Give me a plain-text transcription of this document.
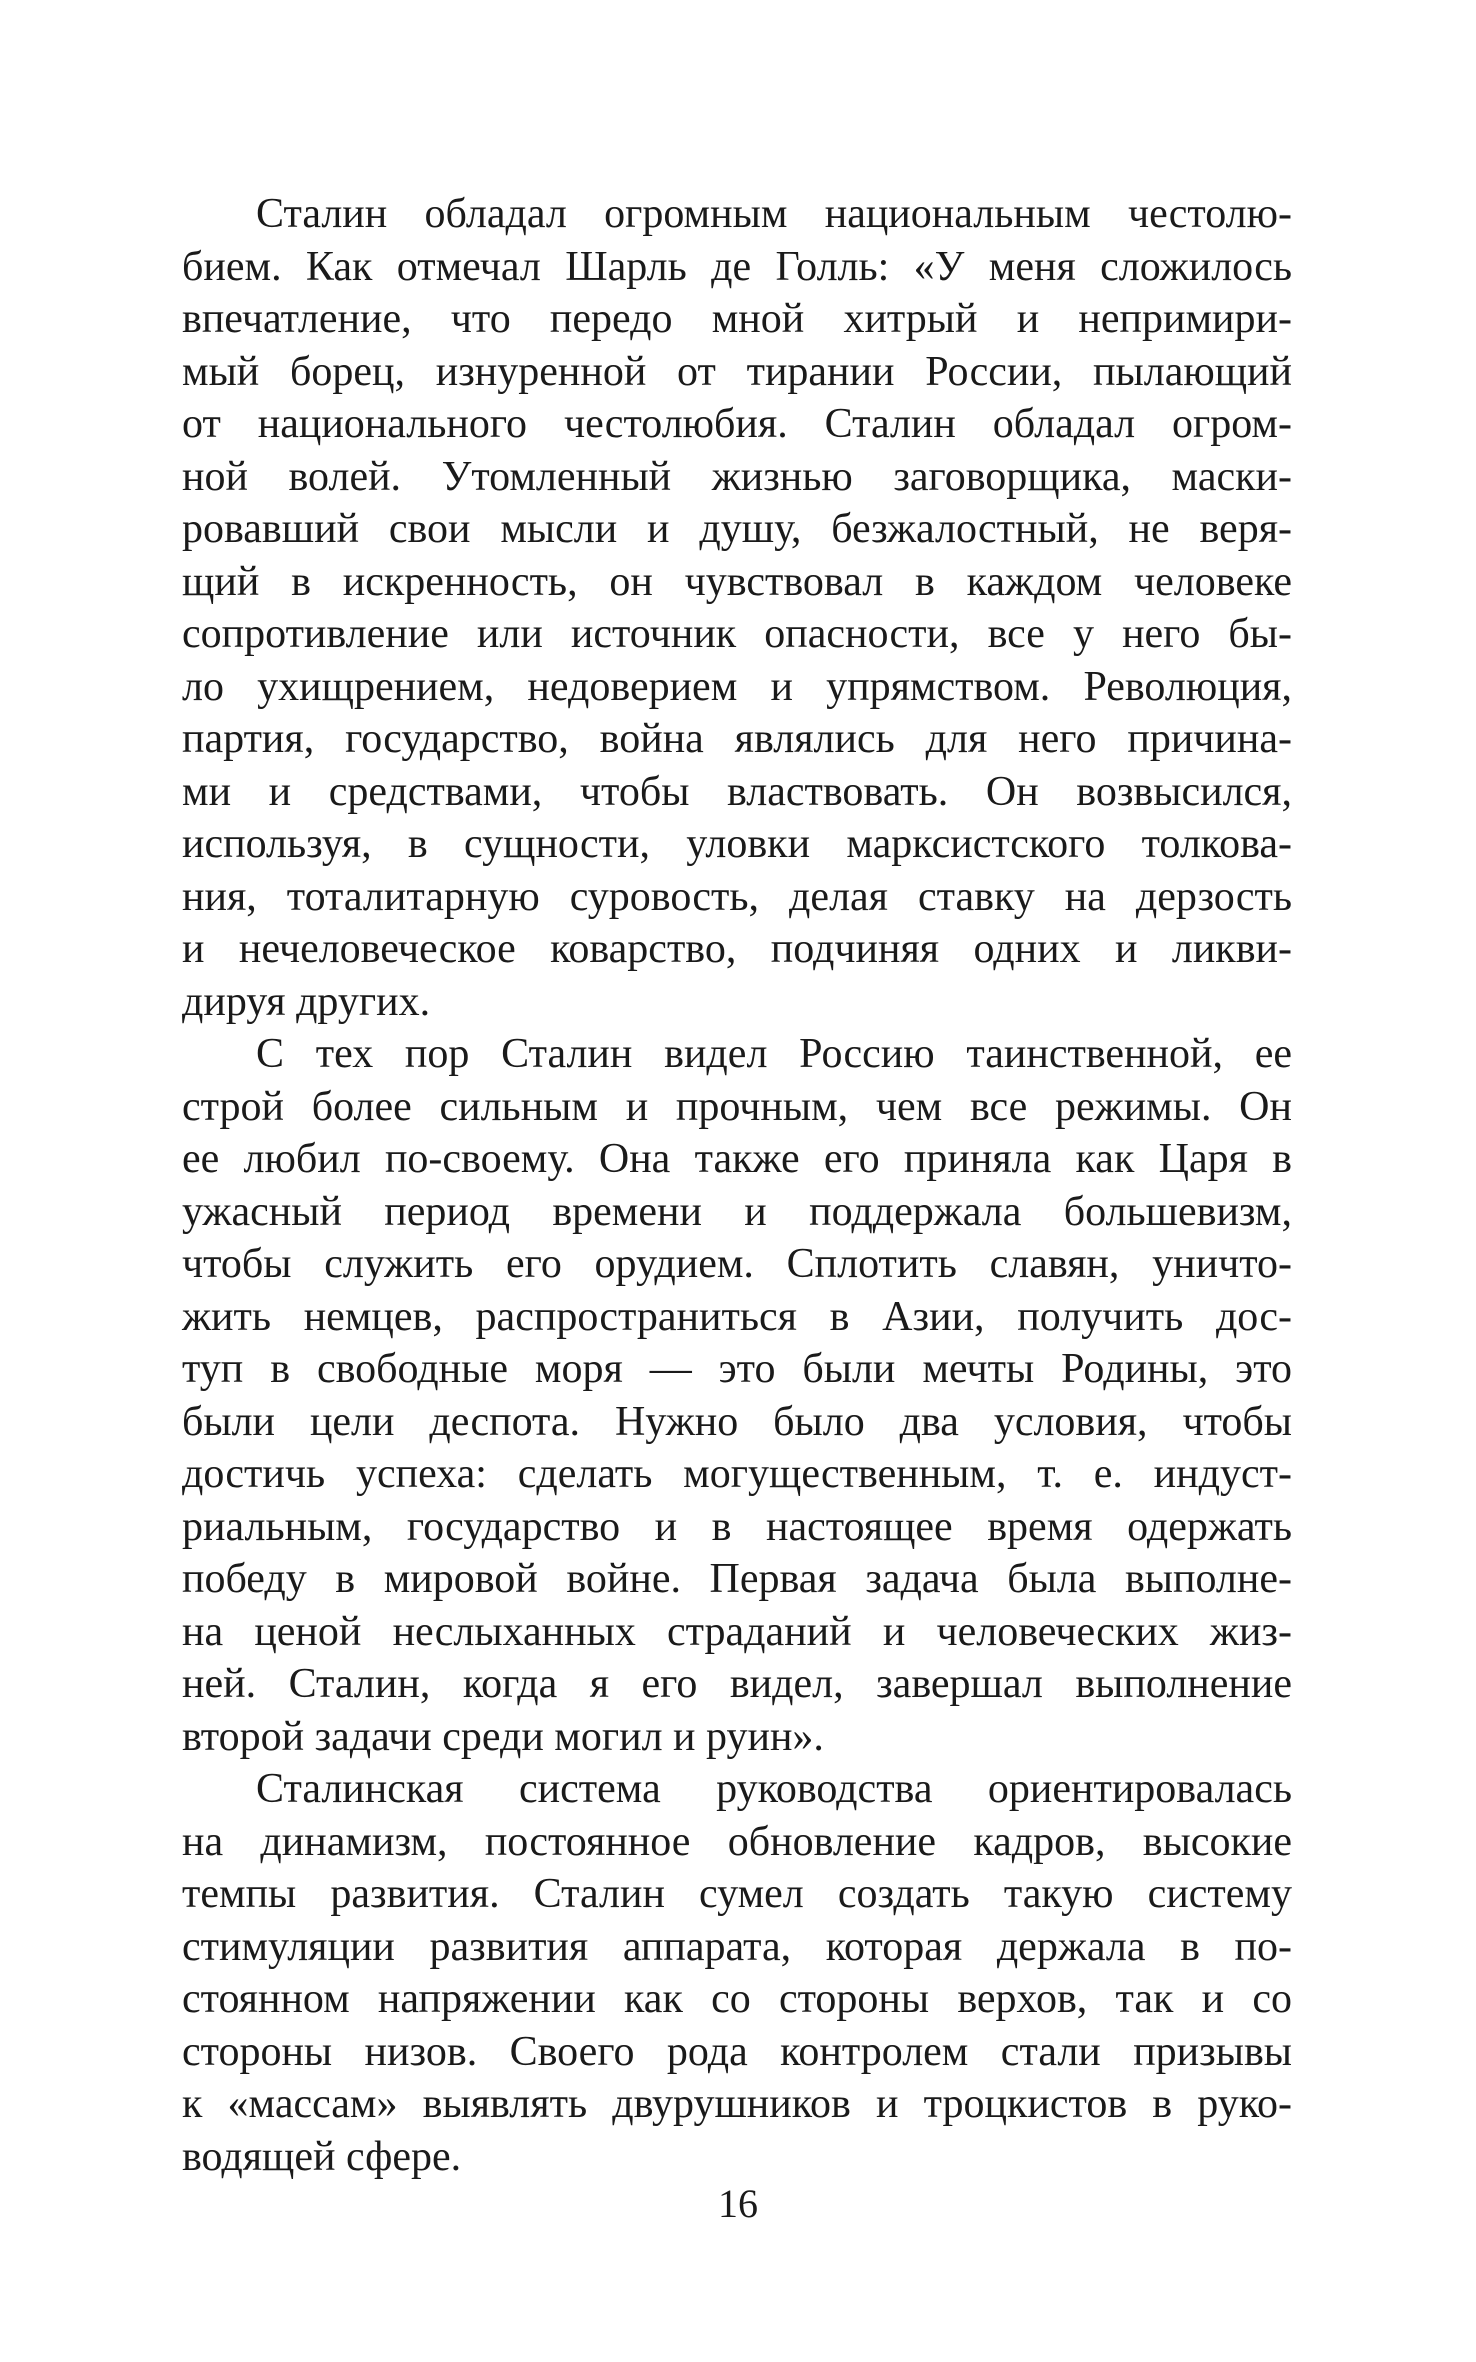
Сталин обладал огромным национальным честолю-
бием. Как отмечал Шарль де Голль: «У меня сложилось
впечатление, что передо мной хитрый и непримири-
мый борец, изнуренной от тирании России, пылающий
от национального честолюбия. Сталин обладал огром-
ной волей. Утомленный жизнью заговорщика, маски-
ровавший свои мысли и душу, безжалостный, не веря-
щий в искренность, он чувствовал в каждом человеке
сопротивление или источник опасности, все у него бы-
ло ухищрением, недоверием и упрямством. Революция,
партия, государство, война являлись для него причина-
ми и средствами, чтобы властвовать. Он возвысился,
используя, в сущности, уловки марксистского толкова-
ния, тоталитарную суровость, делая ставку на дерзость
и нечеловеческое коварство, подчиняя одних и ликви-
дируя других.
С тех пор Сталин видел Россию таинственной, ее
строй более сильным и прочным, чем все режимы. Он
ее любил по-своему. Она также его приняла как Царя в
ужасный период времени и поддержала большевизм,
чтобы служить его орудием. Сплотить славян, уничто-
жить немцев, распространиться в Азии, получить дос-
туп в свободные моря — это были мечты Родины, это
были цели деспота. Нужно было два условия, чтобы
достичь успеха: сделать могущественным, т. е. индуст-
риальным, государство и в настоящее время одержать
победу в мировой войне. Первая задача была выполне-
на ценой неслыханных страданий и человеческих жиз-
ней. Сталин, когда я его видел, завершал выполнение
второй задачи среди могил и руин».
Сталинская система руководства ориентировалась
на динамизм, постоянное обновление кадров, высокие
темпы развития. Сталин сумел создать такую систему
стимуляции развития аппарата, которая держала в по-
стоянном напряжении как со стороны верхов, так и со
стороны низов. Своего рода контролем стали призывы
к «массам» выявлять двурушников и троцкистов в руко-
водящей сфере.
16
